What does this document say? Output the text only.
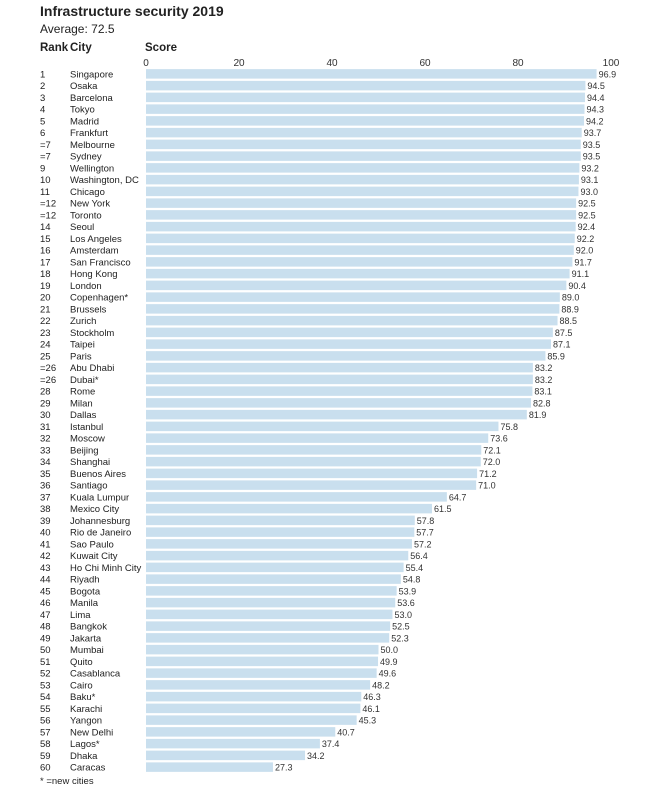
Infrastructure security 2019
Average: 72.5
Rank City	Score
0	20	40	60	80	100
1	Singapore	96.9
2	Osaka	94.5
3	Barcelona	94.4
4	Tokyo	94.3
5	Madrid	94.2
6	Frankfurt	93.7
=7 Melbourne	93.5
=7 Sydney	93.5
9	Wellington	93.2
10 Washington, DC	93.1
11 Chicago	93.0
=12 New York	92.5
=12 Toronto	92.5
14 Seoul	92.4
15 Los Angeles	92.2
16 Amsterdam	92.0
17 San Francisco	91.7
18 Hong Kong	91.1
19 London	90.4
20 Copenhagen*	89.0
21 Brussels	88.9
22 Zurich	88.5
23 Stockholm	87.5
24 Taipei	87.1
25 Paris	85.9
=26 Abu Dhabi	83.2
=26 Dubai*	83.2
28 Rome	83.1
29 Milan	82.8
30 Dallas	81.9
31 Istanbul	75.8
32 Moscow	73.6
33 Beijing	72.1
34 Shanghai	72.0
35 Buenos Aires	71.2
36 Santiago	71.0
37 Kuala Lumpur	64.7
38 Mexico City	61.5
39 Johannesburg	57.8
40 Rio de Janeiro	57.7
41 Sao Paulo	57.2
42 Kuwait City	56.4
43 Ho Chi Minh City	55.4
44 Riyadh	54.8
45 Bogota	53.9
46 Manila	53.6
47 Lima	53.0
48 Bangkok	52.5
49 Jakarta	52.3
50 Mumbai	50.0
51 Quito	49.9
52 Casablanca	49.6
53 Cairo	48.2
54 Baku*	46.3
55 Karachi	46.1
56 Yangon	45.3
57 New Delhi	40.7
58 Lagos*	37.4
59 Dhaka	34.2
60 Caracas	27.3
* =new cities
